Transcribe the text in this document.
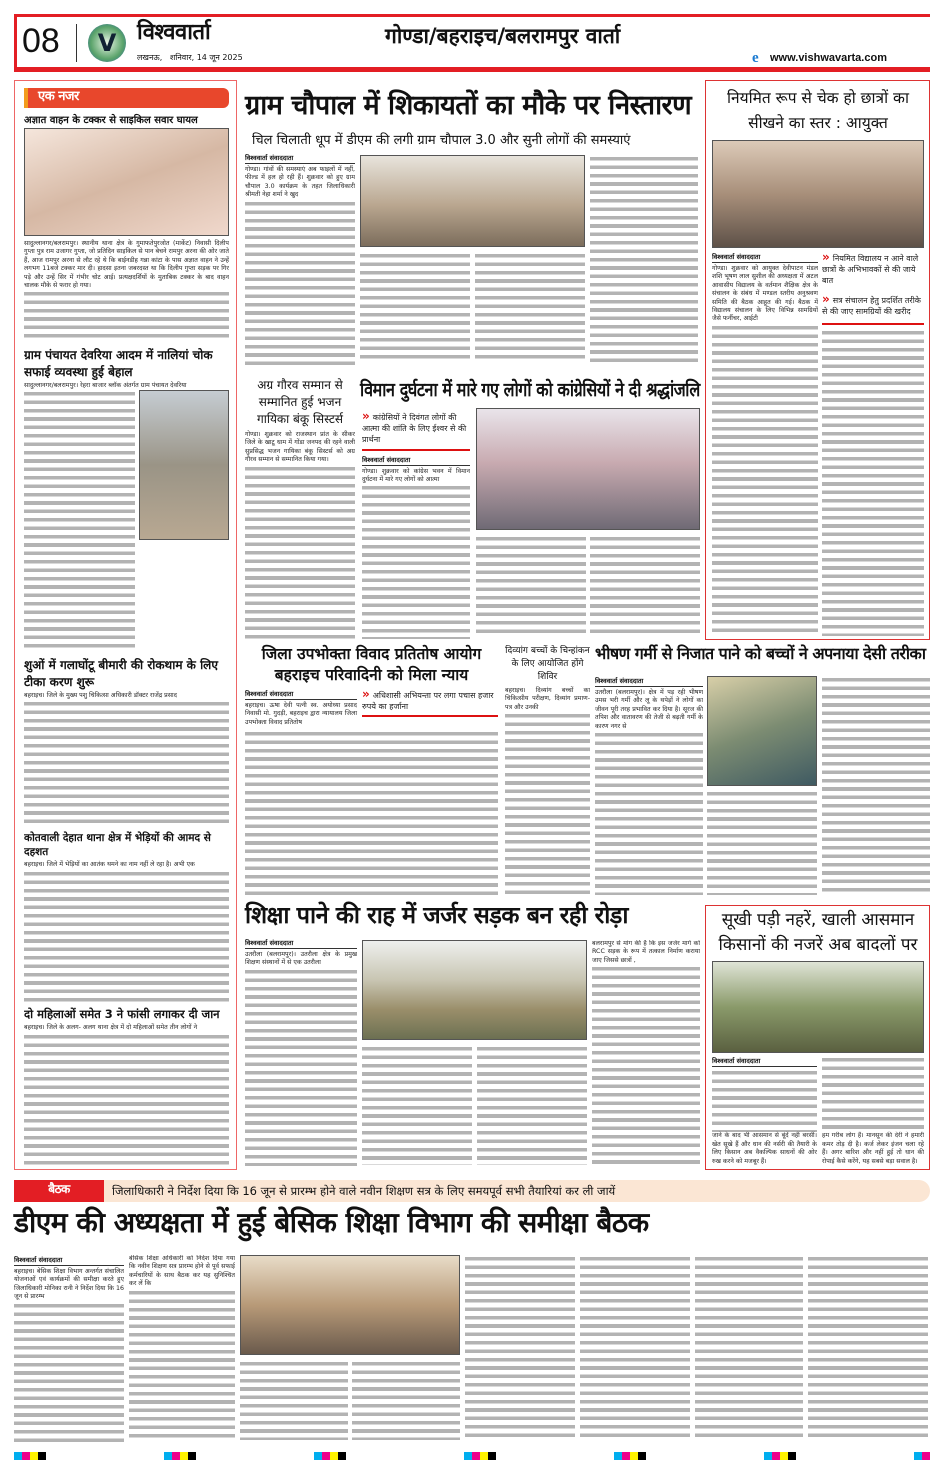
08	V विश्ववार्ता
लखनऊ,   शनिवार, 14 जून 2025
गोण्डा/बहराइच/बलरामपुर वार्ता
e www.vishwavarta.com
एक नजर
अज्ञात वाहन के टक्कर से साइकिल सवार घायल
सादुल्लानगर/बलरामपुर। स्थानीय थाना क्षेत्र के गुमाफतेपुरजोत (मार्केट) निवासी दिलीप गुप्ता पुत्र राम उजागर गुप्ता, जो प्रतिदिन साइकिल से पान बेचने रामपुर अरना की ओर जाते हैं, आज रामपुर अरना से लौट रहे थे कि बाईनडीह गन्ना कांटा के पास अज्ञात वाहन ने उन्हें लगभग 11बजे टक्कर मार दी। हादसा इतना जबरदस्त था कि दिलीप गुप्ता सड़क पर गिर पड़े और उन्हें सिर में गंभीर चोट आई। प्रत्यक्षदर्शियों के मुताबिक टक्कर के बाद वाहन चालक मौके से फरार हो गया।
ग्राम पंचायत देवरिया आदम में नालियां चोक सफाई व्यवस्था हुई बेहाल
सादुल्लानगर/बलरामपुर। रेहरा बाजार ब्लॉक अंतर्गत ग्राम पंचायत देवरिया
शुओं में गलाघोंटू बीमारी की रोकथाम के लिए टीका करण शुरू
बहराइच। जिले के मुख्य पशु चिकित्सा अधिकारी डॉक्टर राजेंद्र प्रसाद
कोतवाली देहात थाना क्षेत्र में भेड़ियों की आमद से दहशत
बहराइच। जिले में भेड़ियों का आतंक थमने का नाम नहीं ले रहा है। अभी एक
दो महिलाओं समेत 3 ने फांसी लगाकर दी जान
बहराइच। जिले के अलग- अलग थाना क्षेत्र में दो महिलाओं समेत तीन लोगों ने
ग्राम चौपाल में शिकायतों का मौके पर निस्तारण
चिल चिलाती धूप में डीएम की लगी ग्राम चौपाल 3.0 और सुनी लोगों की समस्याएं
विश्ववार्ता संवाददाता
गोण्डा। गांवों की समस्याएं अब फाइलों में नहीं, फील्ड में हल हो रही हैं। शुक्रवार को हुए ग्राम चौपाल 3.0 कार्यक्रम के तहत जिलाधिकारी श्रीमती नेहा शर्मा ने खुद
नियमित रूप से चेक हो छात्रों का सीखने का स्तर : आयुक्त
विश्ववार्ता संवाददाता
गोण्डा। शुक्रवार को आयुक्त देवीपाटन मंडल शशि भूषण लाल सुशील की अध्यक्षता में अटल आवासीय विद्यालय के वर्तमान शैक्षिक क्षेत्र के संचालन के संबंध में मण्डल स्तरीय अनुश्रवण समिति की बैठक आहूत की गई। बैठक में विद्यालय संचालन के लिए विभिन्न सामग्रियों जैसे फर्नीचर, आईटी
» नियमित विद्यालय न आने वाले छात्रों के अभिभावकों से की जाये बात
» सत्र संचालन हेतु प्रदर्शित तरीके से की जाए सामग्रियों की खरीद
अग्र गौरव सम्मान से सम्मानित हुई भजन गायिका बंकू सिस्टर्स
गोण्डा। शुक्रवार को राजस्थान प्रांत के सीकर जिले के खाटू धाम में गोंडा जनपद की रहने वाली सुप्रसिद्ध भजन गायिका बंकू सिस्टर्स को अग्र गौरव सम्मान से सम्मानित किया गया।
विमान दुर्घटना में मारे गए लोगों को कांग्रेसियों ने दी श्रद्धांजलि
» कांग्रेसियों ने दिवंगत लोगों की आत्मा की शांति के लिए ईश्वर से की प्रार्थना
विश्ववार्ता संवाददाता
गोण्डा। शुक्रवार को कांग्रेस भवन में विमान दुर्घटना में मारे गए लोगों को आत्मा
जिला उपभोक्ता विवाद प्रतितोष आयोग बहराइच परिवादिनी को मिला न्याय
विश्ववार्ता संवाददाता
बहराइच। ऊषा देवी पत्नी स्व. अयोध्या प्रसाद निवासी मो. गुदड़ी, बहराइच द्वारा न्यायालय जिला उपभोक्ता विवाद प्रतितोष
» अधिशासी अभियन्ता पर लगा पचास हजार रुपये का हर्जाना
दिव्यांग बच्चों के चिन्हांकन के लिए आयोजित होंगे शिविर
बहराइच। दिव्यांग बच्चों का चिकित्सीय परीक्षण, दिव्यांग प्रमाण-पत्र और उनकी
भीषण गर्मी से निजात पाने को बच्चों ने अपनाया देसी तरीका
विश्ववार्ता संवाददाता
उतरौला (बलरामपुर)। क्षेत्र में पड़ रही भीषण उमस भरी गर्मी और लू के थपेड़ों ने लोगों का जीवन पूरी तरह प्रभावित कर दिया है। सूरज की तपिश और वातावरण की तेजी से बढ़ती गर्मी के कारण नगर से
शिक्षा पाने की राह में जर्जर सड़क बन रही रोड़ा
विश्ववार्ता संवाददाता
उतरौला (बलरामपुर)। उतरौला क्षेत्र के प्रमुख शिक्षण संस्थानों में से एक उतरौला
बलरामपुर से मांग की है कि इस जर्जर मार्ग को RCC सड़क के रूप में तत्काल निर्माण कराया जाए जिससे छात्रों ,
सूखी पड़ी नहरें, खाली आसमान किसानों की नजरें अब बादलों पर
विश्ववार्ता संवाददाता
जाने के बाद भी आसमान से बूंदें नहीं बरसीं। खेत सूखे हैं और धान की नर्सरी की तैयारी के लिए किसान अब वैकल्पिक साधनों की ओर रुख करने को मजबूर हैं।
हम गरीब लोग हैं। मानसून की देरी ने हमारी कमर तोड़ दी है। कर्ज लेकर इंजन चला रहे हैं। अगर बारिश और नहीं हुई तो धान की रोपाई कैसे करेंगे, यह सबसे बड़ा सवाल है।
बैठक	जिलाधिकारी ने निर्देश दिया कि 16 जून से प्रारम्भ होने वाले नवीन शिक्षण सत्र के लिए समयपूर्व सभी तैयारियां कर ली जायें
डीएम की अध्यक्षता में हुई बेसिक शिक्षा विभाग की समीक्षा बैठक
विश्ववार्ता संवाददाता
बहराइच। बेसिक शिक्षा विभाग अन्तर्गत संचालित योजनाओं एवं कार्यक्रमों की समीक्षा करते हुए जिलाधिकारी मोनिका रानी ने निर्देश दिया कि 16 जून से प्रारम्भ
बेसिक शिक्षा अधिकारी को निर्देश दिया गया कि नवीन शिक्षण सत्र प्रारम्भ होने से पूर्व सफाई कर्मचारियों के साथ बैठक कर यह सुनिश्चित कर लें कि
